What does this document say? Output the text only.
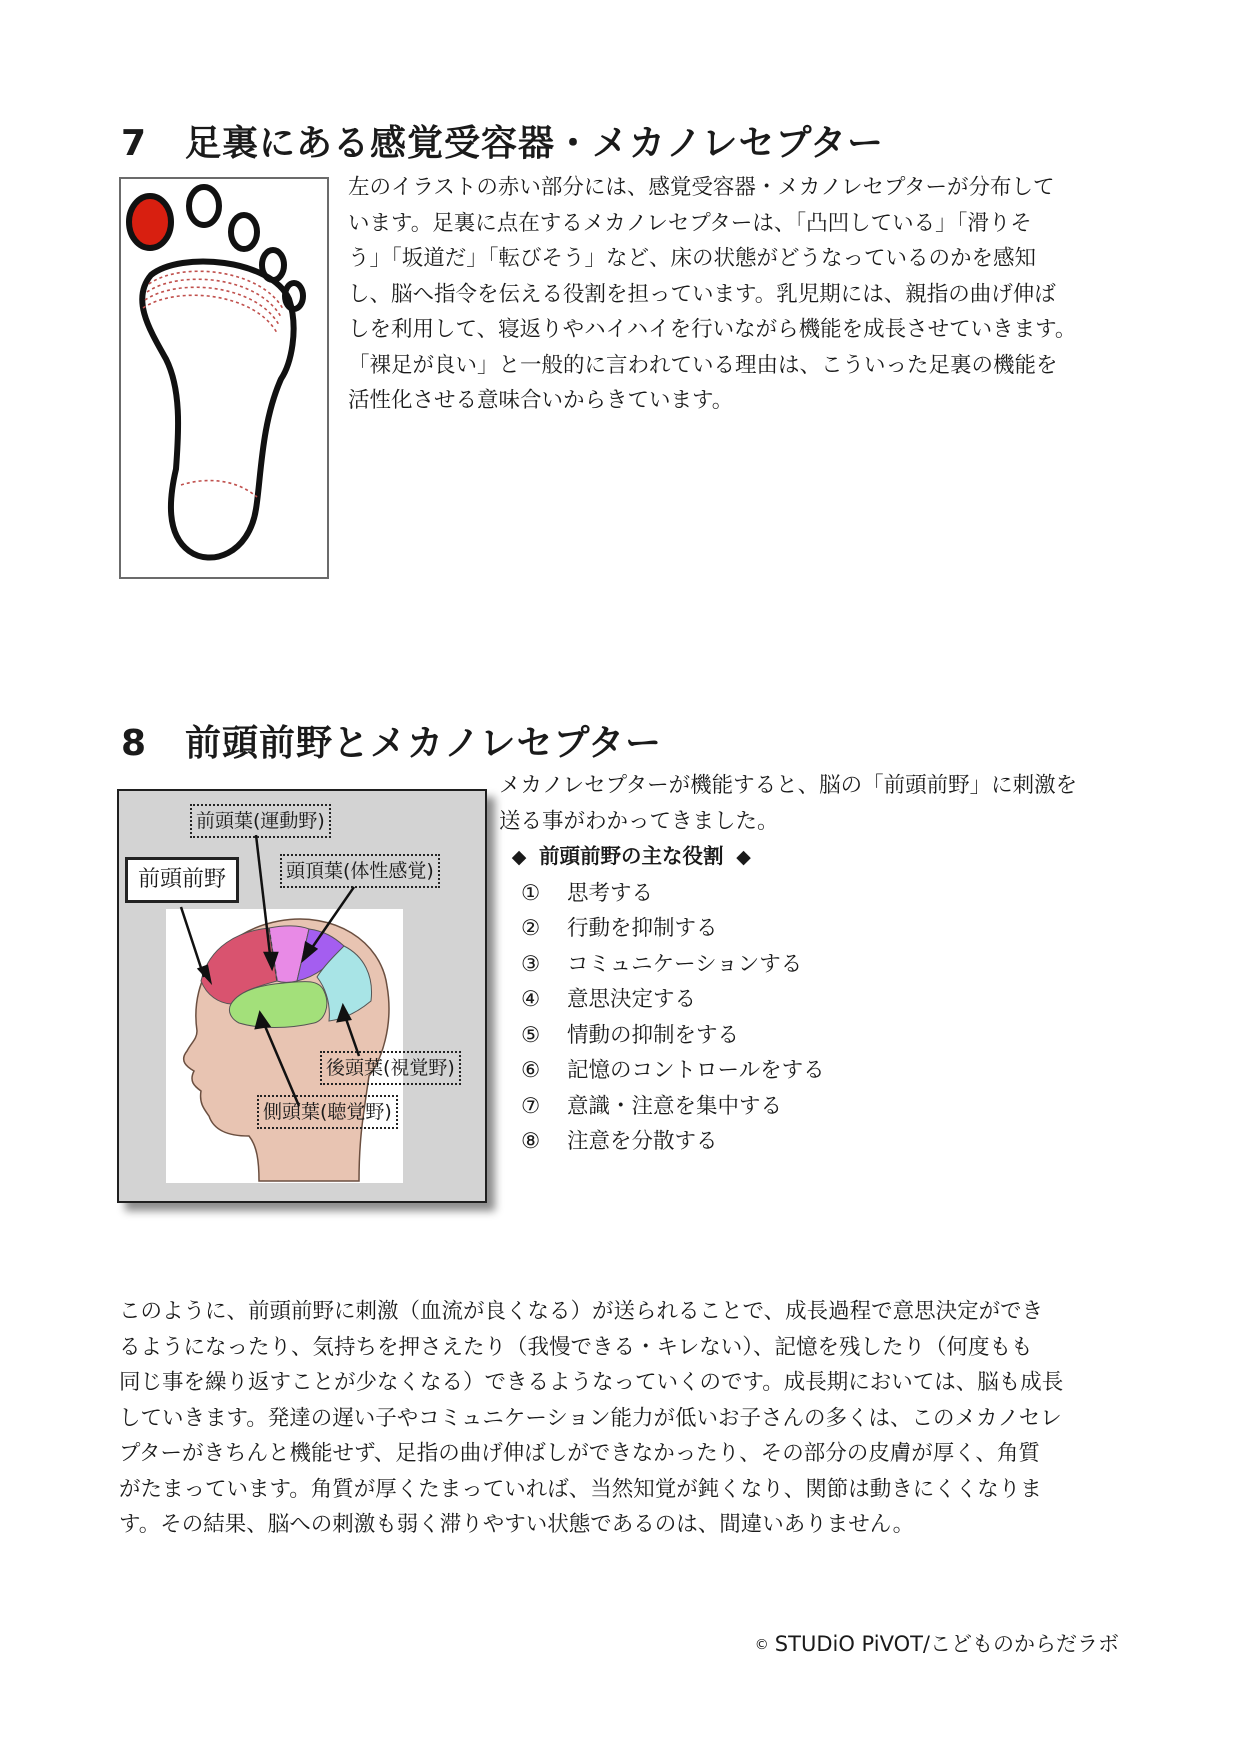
7 足裏にある感覚受容器・メカノレセプター

左のイラストの赤い部分には、感覚受容器・メカノレセプターが分布して

います。足裏に点在するメカノレセプターは、「凸凹している」「滑りそ

う」「坂道だ」「転びそう」など、床の状態がどうなっているのかを感知

し、脳へ指令を伝える役割を担っています。乳児期には、親指の曲げ伸ば

しを利用して、寝返りやハイハイを行いながら機能を成長させていきます。

「裸足が良い」と一般的に言われている理由は、こういった足裏の機能を

活性化させる意味合いからきています。

8 前頭前野とメカノレセプター
前頭葉(運動野)
前頭前野	頭頂葉(体性感覚)
後頭葉(視覚野)
側頭葉(聴覚野)

メカノレセプターが機能すると、脳の「前頭前野」に刺激を

送る事がわかってきました。

◆ 前頭前野の主な役割 ◆
① 思考する
② 行動を抑制する
③ コミュニケーションする
④ 意思決定する
⑤ 情動の抑制をする
⑥ 記憶のコントロールをする
⑦ 意識・注意を集中する
⑧ 注意を分散する

このように、前頭前野に刺激（血流が良くなる）が送られることで、成長過程で意思決定ができ

るようになったり、気持ちを押さえたり（我慢できる・キレない）、記憶を残したり（何度もも

同じ事を繰り返すことが少なくなる）できるようなっていくのです。成長期においては、脳も成長

していきます。発達の遅い子やコミュニケーション能力が低いお子さんの多くは、このメカノセレ

プターがきちんと機能せず、足指の曲げ伸ばしができなかったり、その部分の皮膚が厚く、角質

がたまっています。角質が厚くたまっていれば、当然知覚が鈍くなり、関節は動きにくくなりま

す。その結果、脳への刺激も弱く滞りやすい状態であるのは、間違いありません。

© STUDiO PiVOT/こどものからだラボ
